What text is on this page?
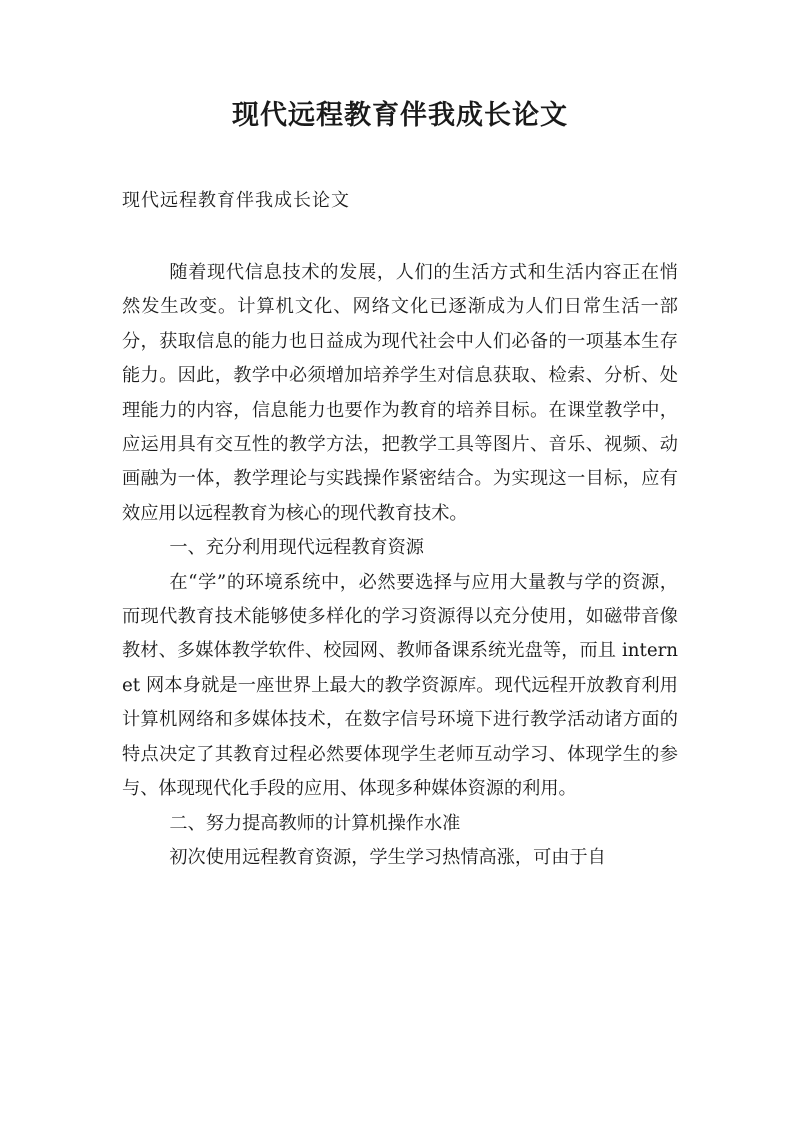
现代远程教育伴我成长论文

现代远程教育伴我成长论文

随着现代信息技术的发展，人们的生活方式和生活内容正在悄然发生改变。计算机文化、网络文化已逐渐成为人们日常生活一部分，获取信息的能力也日益成为现代社会中人们必备的一项基本生存能力。因此，教学中必须增加培养学生对信息获取、检索、分析、处理能力的内容，信息能力也要作为教育的培养目标。在课堂教学中，应运用具有交互性的教学方法，把教学工具等图片、音乐、视频、动画融为一体，教学理论与实践操作紧密结合。为实现这一目标，应有效应用以远程教育为核心的现代教育技术。

一、充分利用现代远程教育资源

在“学”的环境系统中，必然要选择与应用大量教与学的资源，而现代教育技术能够使多样化的学习资源得以充分使用，如磁带音像教材、多媒体教学软件、校园网、教师备课系统光盘等，而且 internet 网本身就是一座世界上最大的教学资源库。现代远程开放教育利用计算机网络和多媒体技术，在数字信号环境下进行教学活动诸方面的特点决定了其教育过程必然要体现学生老师互动学习、体现学生的参与、体现现代化手段的应用、体现多种媒体资源的利用。

二、努力提高教师的计算机操作水准

初次使用远程教育资源，学生学习热情高涨，可由于自
